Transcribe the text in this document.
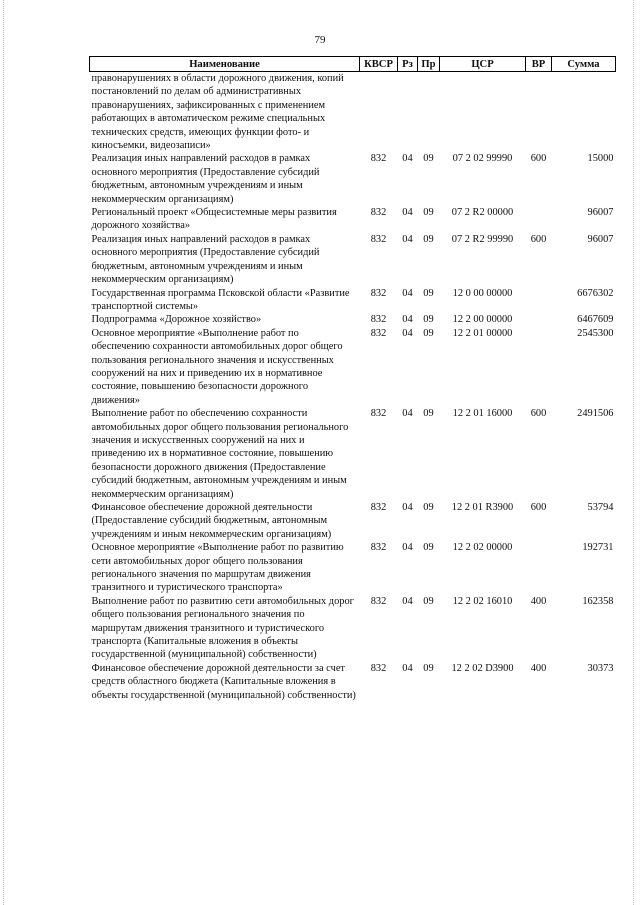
79
Наименование	КВСР	Рз	Пр	ЦСР	ВР	Сумма
правонарушениях в области дорожного движения, копий постановлений по делам об административных правонарушениях, зафиксированных с применением работающих в автоматическом режиме специальных технических средств, имеющих функции фото- и киносъемки, видеозаписи»						
Реализация иных направлений расходов в рамках основного мероприятия (Предоставление субсидий бюджетным, автономным учреждениям и иным некоммерческим организациям)	832	04	09	07 2 02 99990	600	15000
Региональный проект «Общесистемные меры развития дорожного хозяйства»	832	04	09	07 2 R2 00000		96007
Реализация иных направлений расходов в рамках основного мероприятия (Предоставление субсидий бюджетным, автономным учреждениям и иным некоммерческим организациям)	832	04	09	07 2 R2 99990	600	96007
Государственная программа Псковской области «Развитие транспортной системы»	832	04	09	12 0 00 00000		6676302
Подпрограмма «Дорожное хозяйство»	832	04	09	12 2 00 00000		6467609
Основное мероприятие «Выполнение работ по обеспечению сохранности автомобильных дорог общего пользования регионального значения и искусственных сооружений на них и приведению их в нормативное состояние, повышению безопасности дорожного движения»	832	04	09	12 2 01 00000		2545300
Выполнение работ по обеспечению сохранности автомобильных дорог общего пользования регионального значения и искусственных сооружений на них и приведению их в нормативное состояние, повышению безопасности дорожного движения (Предоставление субсидий бюджетным, автономным учреждениям и иным некоммерческим организациям)	832	04	09	12 2 01 16000	600	2491506
Финансовое обеспечение дорожной деятельности (Предоставление субсидий бюджетным, автономным учреждениям и иным некоммерческим организациям)	832	04	09	12 2 01 R3900	600	53794
Основное мероприятие «Выполнение работ по развитию сети автомобильных дорог общего пользования регионального значения по маршрутам движения транзитного и туристического транспорта»	832	04	09	12 2 02 00000		192731
Выполнение работ по развитию сети автомобильных дорог общего пользования регионального значения по маршрутам движения транзитного и туристического транспорта (Капитальные вложения в объекты государственной (муниципальной) собственности)	832	04	09	12 2 02 16010	400	162358
Финансовое обеспечение дорожной деятельности за счет средств областного бюджета (Капитальные вложения в объекты государственной (муниципальной) собственности)	832	04	09	12 2 02 D3900	400	30373
